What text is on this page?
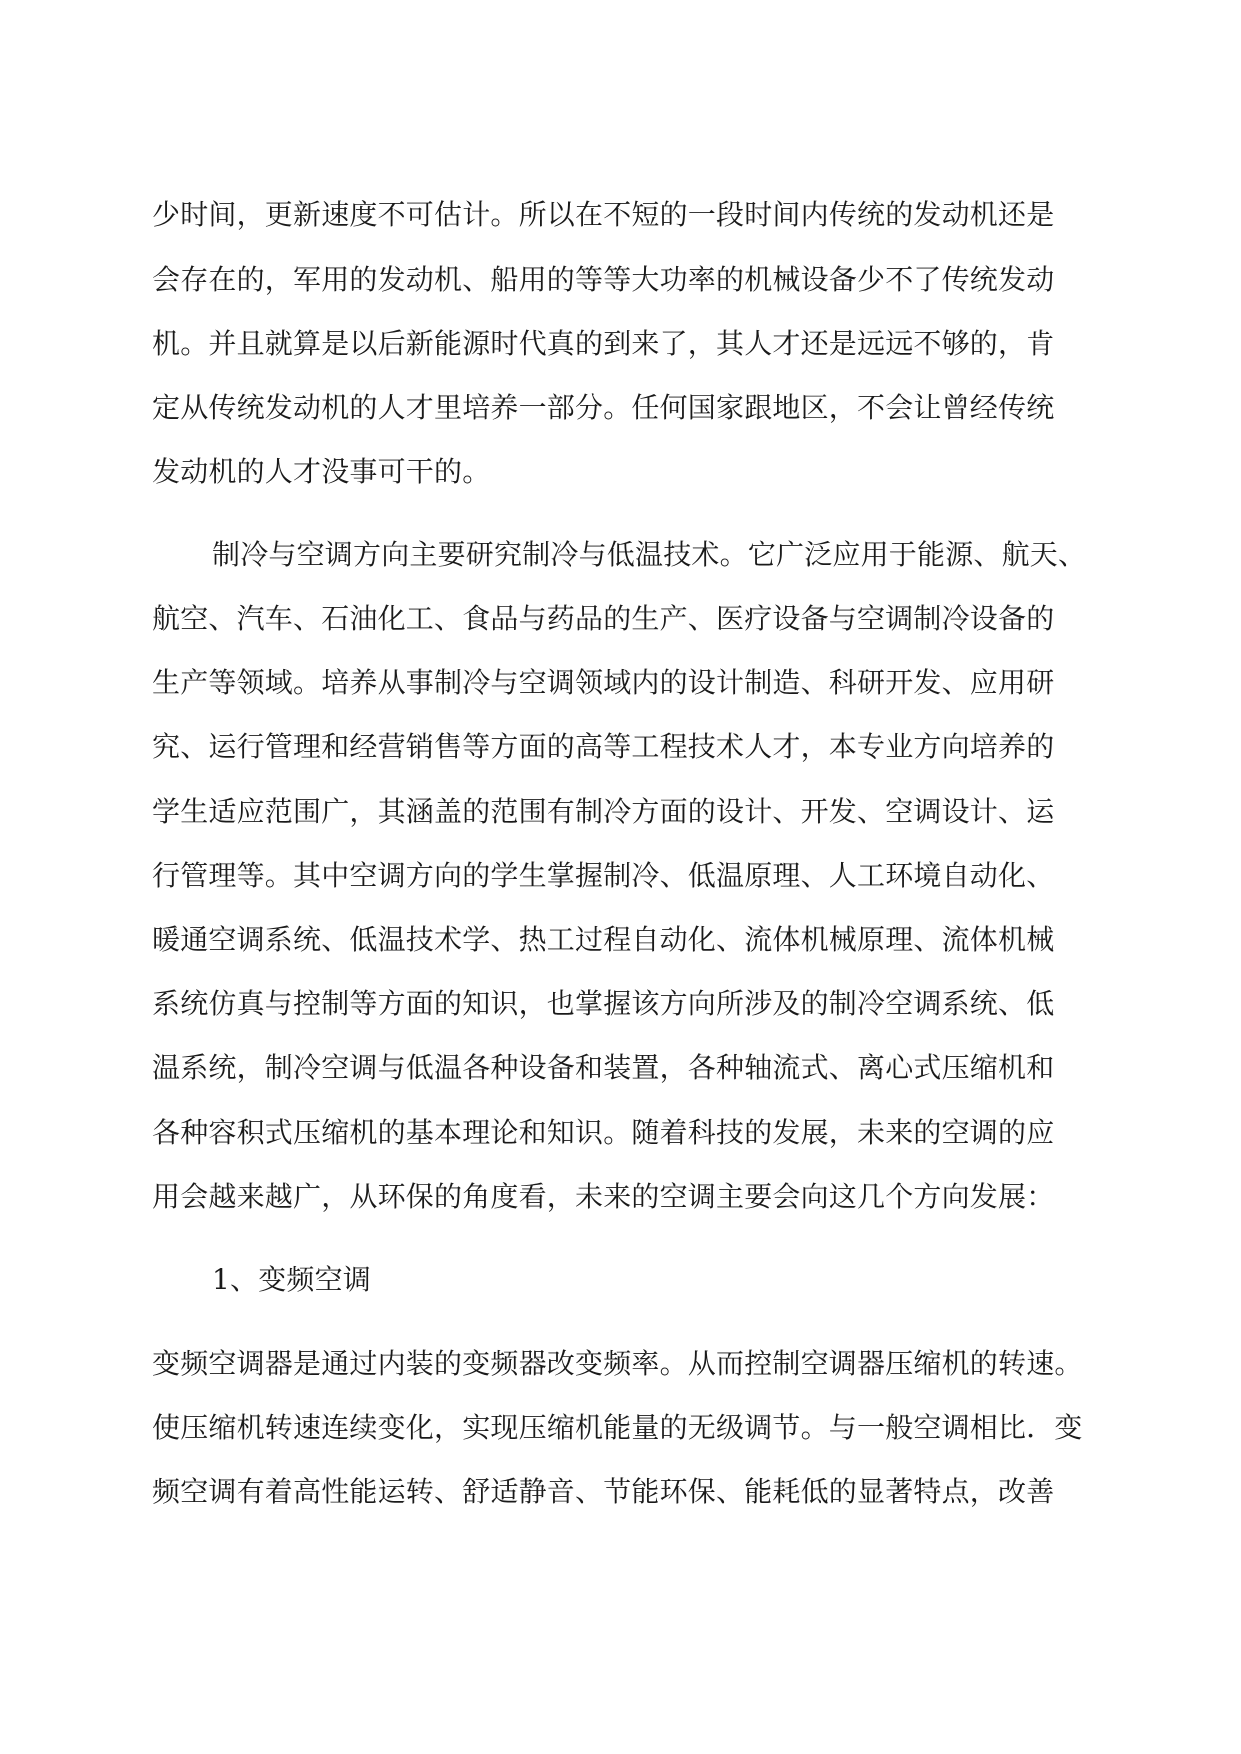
少时间，更新速度不可估计。所以在不短的一段时间内传统的发动机还是
会存在的，军用的发动机、船用的等等大功率的机械设备少不了传统发动
机。并且就算是以后新能源时代真的到来了，其人才还是远远不够的，肯
定从传统发动机的人才里培养一部分。任何国家跟地区，不会让曾经传统
发动机的人才没事可干的。
制冷与空调方向主要研究制冷与低温技术。它广泛应用于能源、航天、
航空、汽车、石油化工、食品与药品的生产、医疗设备与空调制冷设备的
生产等领域。培养从事制冷与空调领域内的设计制造、科研开发、应用研
究、运行管理和经营销售等方面的高等工程技术人才，本专业方向培养的
学生适应范围广，其涵盖的范围有制冷方面的设计、开发、空调设计、运
行管理等。其中空调方向的学生掌握制冷、低温原理、人工环境自动化、
暖通空调系统、低温技术学、热工过程自动化、流体机械原理、流体机械
系统仿真与控制等方面的知识，也掌握该方向所涉及的制冷空调系统、低
温系统，制冷空调与低温各种设备和装置，各种轴流式、离心式压缩机和
各种容积式压缩机的基本理论和知识。随着科技的发展，未来的空调的应
用会越来越广，从环保的角度看，未来的空调主要会向这几个方向发展：
1、变频空调
变频空调器是通过内装的变频器改变频率。从而控制空调器压缩机的转速。
使压缩机转速连续变化，实现压缩机能量的无级调节。与一般空调相比．变
频空调有着高性能运转、舒适静音、节能环保、能耗低的显著特点，改善
